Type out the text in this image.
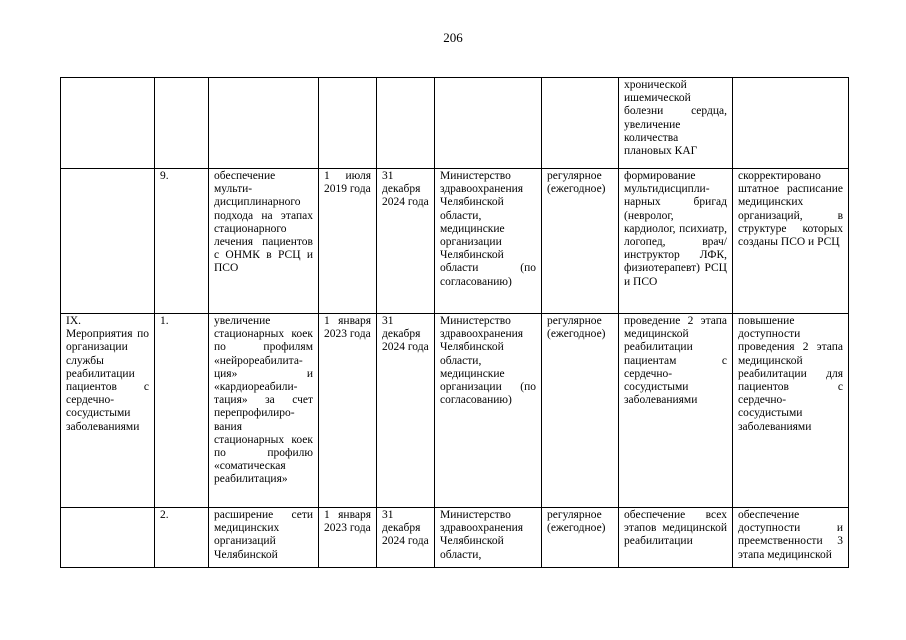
206
							хронической ишемической болезни сердца, увеличение количества плановых КАГ	
	9.	обеспечение мульти-дисциплинарного подхода на этапах стационарного лечения пациентов с ОНМК в РСЦ и ПСО	1 июля 2019 года	31 декабря 2024 года	Министерство здравоохранения Челябинской области, медицинские организации Челябинской области (по согласованию)	регулярное (ежегодное)	формирование мультидисципли-нарных бригад (невролог, кардиолог, психиатр, логопед, врач/инструктор ЛФК, физиотерапевт) РСЦ и ПСО	скорректировано штатное расписание медицинских организаций, в структуре которых созданы ПСО и РСЦ
IX. Мероприятия по организации службы реабилитации пациентов с сердечно-сосудистыми заболеваниями	1.	увеличение стационарных коек по профилям «нейрореабилита-ция» и «кардиореабили-тация» за счет перепрофилиро-вания стационарных коек по профилю «соматическая реабилитация»	1 января 2023 года	31 декабря 2024 года	Министерство здравоохранения Челябинской области, медицинские организации (по согласованию)	регулярное (ежегодное)	проведение 2 этапа медицинской реабилитации пациентам с сердечно-сосудистыми заболеваниями	повышение доступности проведения 2 этапа медицинской реабилитации для пациентов с сердечно-сосудистыми заболеваниями
	2.	расширение сети медицинских организаций Челябинской	1 января 2023 года	31 декабря 2024 года	Министерство здравоохранения Челябинской области,	регулярное (ежегодное)	обеспечение всех этапов медицинской реабилитации	обеспечение доступности и преемственности 3 этапа медицинской
